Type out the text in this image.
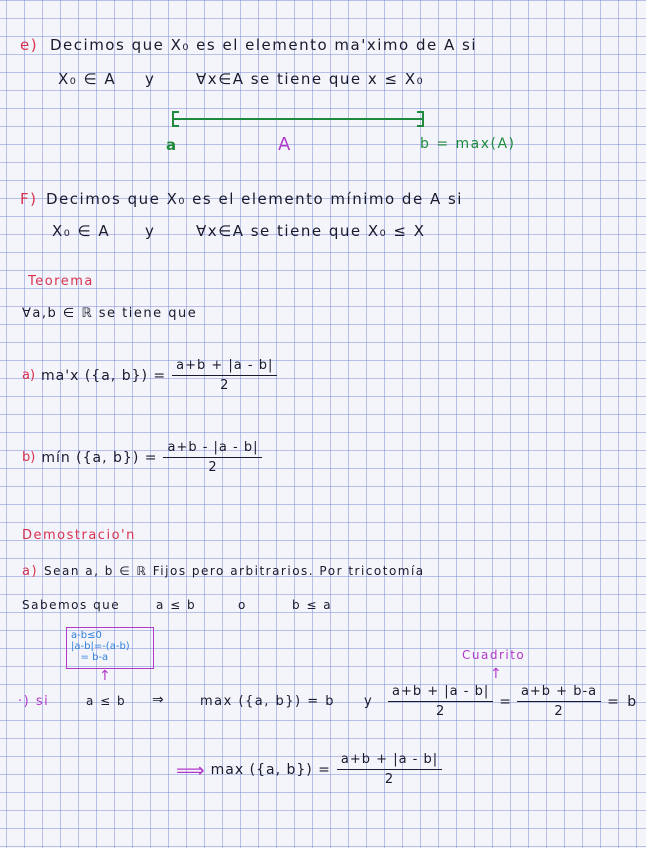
e) Decimos que X₀ es el elemento ma'ximo de A si
X₀ ∈ A y	∀x∈A se tiene que x ≤ X₀
a	A	b = max(A)
F) Decimos que X₀ es el elemento mínimo de A si
X₀ ∈ A y	∀x∈A se tiene que X₀ ≤ X
Teorema
∀a,b ∈ ℝ se tiene que
a) ma'x ({a, $b\}) = \frac{a+b + |a - b|}{2}$
b) mín ({a, $b\}) = \frac{a+b - |a - b|}{2}$
Demostracio'n
a) Sean a, b ∈ ℝ Fijos pero arbitrarios. Por tricotomía
Sabemos que	a ≤ b	o	b ≤ a
a-b≤0
|a-b|=-(a-b)
= b-a
↑
Cuadrito
↑
·) si	a ≤ b ⇒	max ({a, b}) = b y $\frac{a+b + |a - b|}{2} = \frac{a+b + b-a}{2} = b$
⟹ max ({a, $b\}) = \frac{a+b + |a - b|}{2}$
